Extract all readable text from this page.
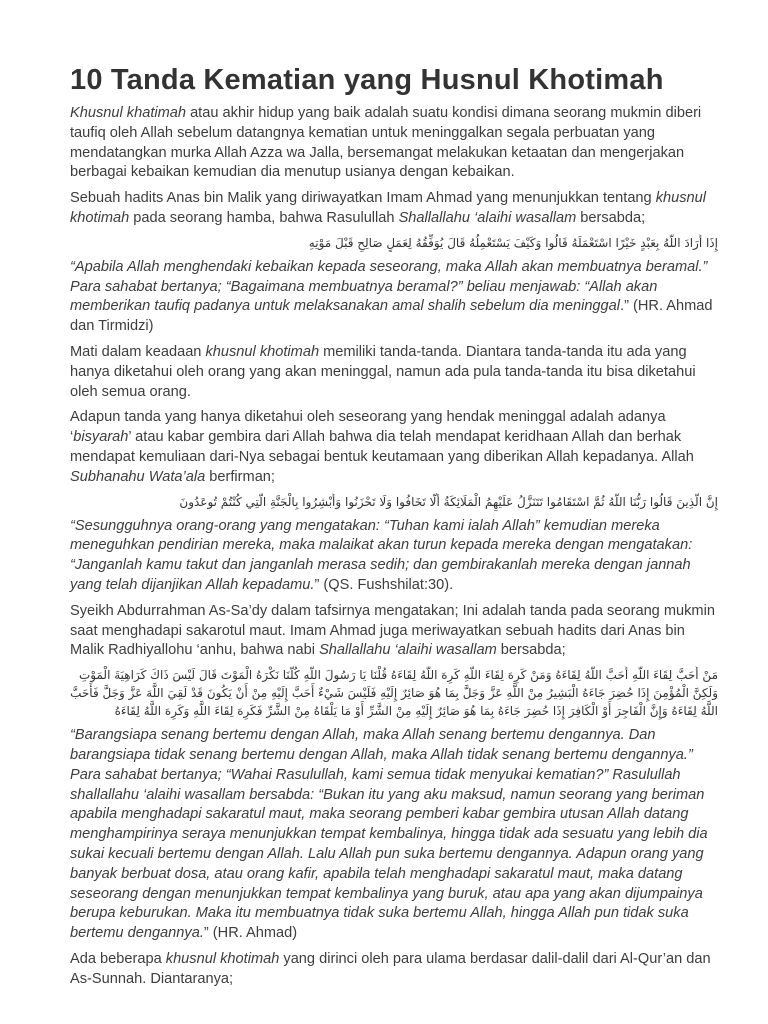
10 Tanda Kematian yang Husnul Khotimah

Khusnul khatimah atau akhir hidup yang baik adalah suatu kondisi dimana seorang mukmin diberi taufiq oleh Allah sebelum datangnya kematian untuk meninggalkan segala perbuatan yang mendatangkan murka Allah Azza wa Jalla, bersemangat melakukan ketaatan dan mengerjakan berbagai kebaikan kemudian dia menutup usianya dengan kebaikan.

Sebuah hadits Anas bin Malik yang diriwayatkan Imam Ahmad yang menunjukkan tentang khusnul khotimah pada seorang hamba, bahwa Rasulullah Shallallahu ‘alaihi wasallam bersabda;

إِذَا أَرَادَ اللَّهُ بِعَبْدٍ خَيْرًا اسْتَعْمَلَهُ قَالُوا وَكَيْفَ يَسْتَعْمِلُهُ قَالَ يُوَفِّقُهُ لِعَمَلٍ صَالِحٍ قَبْلَ مَوْتِهِ

“Apabila Allah menghendaki kebaikan kepada seseorang, maka Allah akan membuatnya beramal.” Para sahabat bertanya; “Bagaimana membuatnya beramal?” beliau menjawab: “Allah akan memberikan taufiq padanya untuk melaksanakan amal shalih sebelum dia meninggal.” (HR. Ahmad dan Tirmidzi)

Mati dalam keadaan khusnul khotimah memiliki tanda-tanda. Diantara tanda-tanda itu ada yang hanya diketahui oleh orang yang akan meninggal, namun ada pula tanda-tanda itu bisa diketahui oleh semua orang.

Adapun tanda yang hanya diketahui oleh seseorang yang hendak meninggal adalah adanya ‘bisyarah’ atau kabar gembira dari Allah bahwa dia telah mendapat keridhaan Allah dan berhak mendapat kemuliaan dari-Nya sebagai bentuk keutamaan yang diberikan Allah kepadanya. Allah Subhanahu Wata’ala berfirman;

إِنَّ الَّذِينَ قَالُوا رَبُّنَا اللَّهُ ثُمَّ اسْتَقَامُوا تَتَنَزَّلُ عَلَيْهِمُ الْمَلَائِكَةُ أَلَّا تَخَافُوا وَلَا تَحْزَنُوا وَأَبْشِرُوا بِالْجَنَّةِ الَّتِي كُنْتُمْ تُوعَدُونَ

“Sesungguhnya orang-orang yang mengatakan: “Tuhan kami ialah Allah” kemudian mereka meneguhkan pendirian mereka, maka malaikat akan turun kepada mereka dengan mengatakan: “Janganlah kamu takut dan janganlah merasa sedih; dan gembirakanlah mereka dengan jannah yang telah dijanjikan Allah kepadamu.” (QS. Fushshilat:30).

Syeikh Abdurrahman As-Sa’dy dalam tafsirnya mengatakan; Ini adalah tanda pada seorang mukmin saat menghadapi sakarotul maut. Imam Ahmad juga meriwayatkan sebuah hadits dari Anas bin Malik Radhiyallohu ‘anhu, bahwa nabi Shallallahu ‘alaihi wasallam bersabda;

مَنْ أَحَبَّ لِقَاءَ اللَّهِ أَحَبَّ اللَّهُ لِقَاءَهُ وَمَنْ كَرِهَ لِقَاءَ اللَّهِ كَرِهَ اللَّهُ لِقَاءَهُ قُلْنَا يَا رَسُولَ اللَّهِ كُلُّنَا نَكْرَهُ الْمَوْتَ قَالَ لَيْسَ ذَاكَ كَرَاهِيَةَ الْمَوْتِ وَلَكِنَّ الْمُؤْمِنَ إِذَا حُضِرَ جَاءَهُ الْبَشِيرُ مِنْ اللَّهِ عَزَّ وَجَلَّ بِمَا هُوَ صَائِرٌ إِلَيْهِ فَلَيْسَ شَيْءٌ أَحَبَّ إِلَيْهِ مِنْ أَنْ يَكُونَ قَدْ لَقِيَ اللَّهَ عَزَّ وَجَلَّ فَأَحَبَّ اللَّهُ لِقَاءَهُ وَإِنَّ الْفَاجِرَ أَوْ الْكَافِرَ إِذَا حُضِرَ جَاءَهُ بِمَا هُوَ صَائِرٌ إِلَيْهِ مِنْ الشَّرِّ أَوْ مَا يَلْقَاهُ مِنْ الشَّرِّ فَكَرِهَ لِقَاءَ اللَّهِ وَكَرِهَ اللَّهُ لِقَاءَهُ

“Barangsiapa senang bertemu dengan Allah, maka Allah senang bertemu dengannya. Dan barangsiapa tidak senang bertemu dengan Allah, maka Allah tidak senang bertemu dengannya.” Para sahabat bertanya; “Wahai Rasulullah, kami semua tidak menyukai kematian?” Rasulullah shallallahu ‘alaihi wasallam bersabda: “Bukan itu yang aku maksud, namun seorang yang beriman apabila menghadapi sakaratul maut, maka seorang pemberi kabar gembira utusan Allah datang menghampirinya seraya menunjukkan tempat kembalinya, hingga tidak ada sesuatu yang lebih dia sukai kecuali bertemu dengan Allah. Lalu Allah pun suka bertemu dengannya. Adapun orang yang banyak berbuat dosa, atau orang kafir, apabila telah menghadapi sakaratul maut, maka datang seseorang dengan menunjukkan tempat kembalinya yang buruk, atau apa yang akan dijumpainya berupa keburukan. Maka itu membuatnya tidak suka bertemu Allah, hingga Allah pun tidak suka bertemu dengannya.” (HR. Ahmad)

Ada beberapa khusnul khotimah yang dirinci oleh para ulama berdasar dalil-dalil dari Al-Qur’an dan As-Sunnah. Diantaranya;
